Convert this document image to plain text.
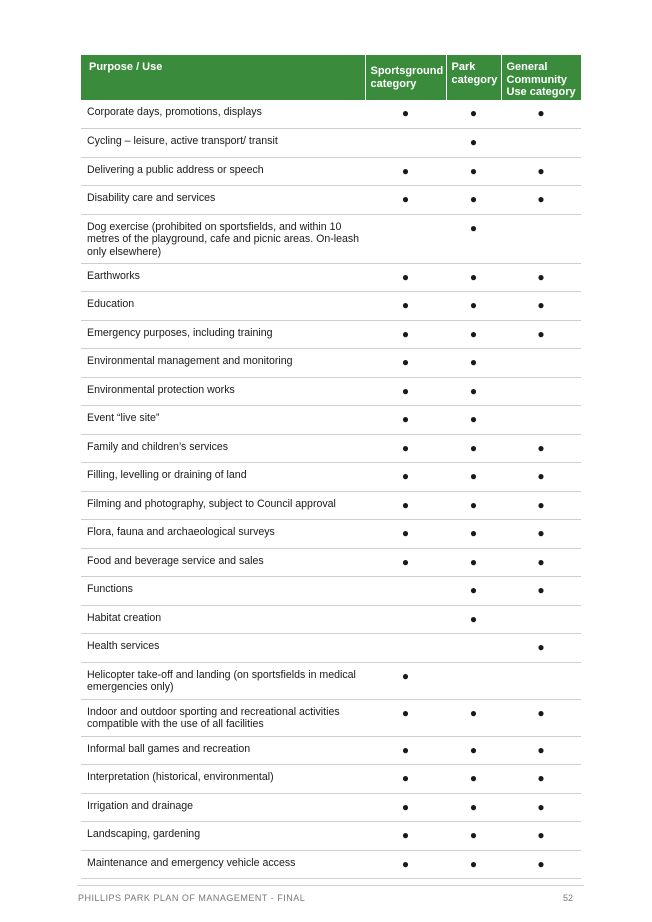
Purpose / Use	Sportsground category	Park category	General Community Use category
Corporate days, promotions, displays	●	●	●
Cycling – leisure, active transport/ transit		●	
Delivering a public address or speech	●	●	●
Disability care and services	●	●	●
Dog exercise (prohibited on sportsfields, and within 10 metres of the playground, cafe and picnic areas. On-leash only elsewhere)		●	
Earthworks	●	●	●
Education	●	●	●
Emergency purposes, including training	●	●	●
Environmental management and monitoring	●	●	
Environmental protection works	●	●	
Event “live site”	●	●	
Family and children’s services	●	●	●
Filling, levelling or draining of land	●	●	●
Filming and photography, subject to Council approval	●	●	●
Flora, fauna and archaeological surveys	●	●	●
Food and beverage service and sales	●	●	●
Functions		●	●
Habitat creation		●	
Health services			●
Helicopter take-off and landing (on sportsfields in medical emergencies only)	●		
Indoor and outdoor sporting and recreational activities compatible with the use of all facilities	●	●	●
Informal ball games and recreation	●	●	●
Interpretation (historical, environmental)	●	●	●
Irrigation and drainage	●	●	●
Landscaping, gardening	●	●	●
Maintenance and emergency vehicle access	●	●	●
PHILLIPS PARK PLAN OF MANAGEMENT - FINAL	52
